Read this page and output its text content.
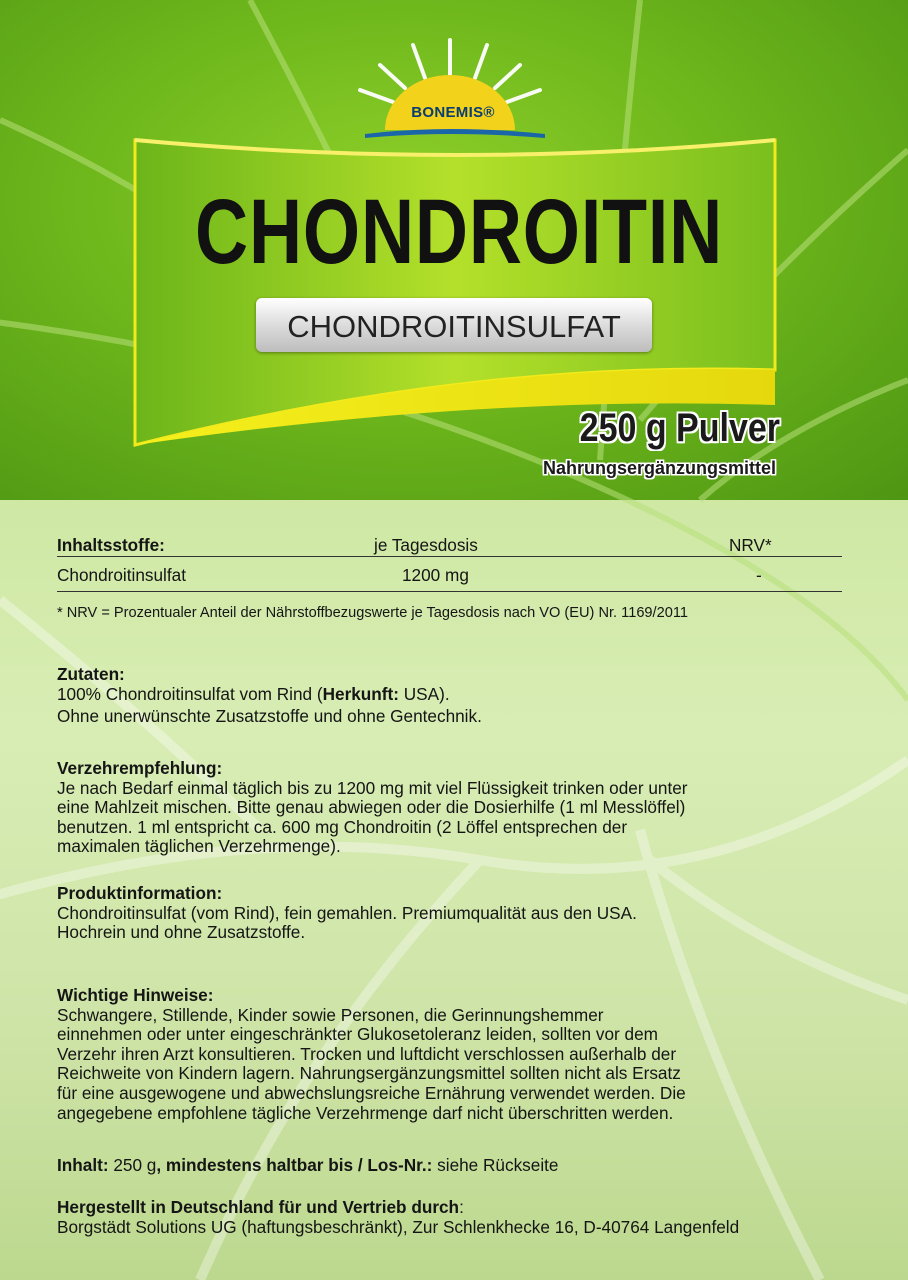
BONEMIS®
CHONDROITIN
CHONDROITINSULFAT
250 g Pulver
Nahrungsergänzungsmittel
Inhaltsstoffe:	je Tagesdosis	NRV*
Chondroitinsulfat	1200 mg	-
* NRV = Prozentualer Anteil der Nährstoffbezugswerte je Tagesdosis nach VO (EU) Nr. 1169/2011

Zutaten:

100% Chondroitinsulfat vom Rind (Herkunft: USA).

Ohne unerwünschte Zusatzstoffe und ohne Gentechnik.

Verzehrempfehlung:

Je nach Bedarf einmal täglich bis zu 1200 mg mit viel Flüssigkeit trinken oder unter

eine Mahlzeit mischen. Bitte genau abwiegen oder die Dosierhilfe (1 ml Messlöffel)

benutzen. 1 ml entspricht ca. 600 mg Chondroitin (2 Löffel entsprechen der

maximalen täglichen Verzehrmenge).

Produktinformation:

Chondroitinsulfat (vom Rind), fein gemahlen. Premiumqualität aus den USA.

Hochrein und ohne Zusatzstoffe.

Wichtige Hinweise:

Schwangere, Stillende, Kinder sowie Personen, die Gerinnungshemmer

einnehmen oder unter eingeschränkter Glukosetoleranz leiden, sollten vor dem

Verzehr ihren Arzt konsultieren. Trocken und luftdicht verschlossen außerhalb der

Reichweite von Kindern lagern. Nahrungsergänzungsmittel sollten nicht als Ersatz

für eine ausgewogene und abwechslungsreiche Ernährung verwendet werden. Die

angegebene empfohlene tägliche Verzehrmenge darf nicht überschritten werden.

Inhalt: 250 g, mindestens haltbar bis / Los-Nr.: siehe Rückseite

Hergestellt in Deutschland für und Vertrieb durch:

Borgstädt Solutions UG (haftungsbeschränkt), Zur Schlenkhecke 16, D-40764 Langenfeld
